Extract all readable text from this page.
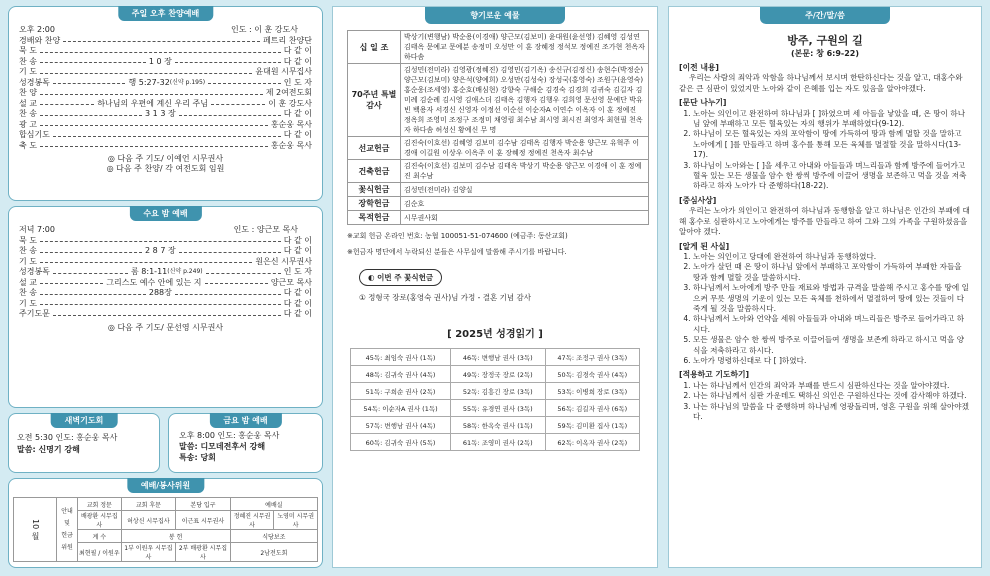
주일 오후 찬양예배
오후 2:00	인도 : 이 훈 강도사
경배와 찬양	페트리 찬양단
묵 도	다 같 이
찬 송	1 0 장	다 같 이
기 도	윤대원 시무집사
성경봉독	행 5:27-32 (신약 p.195)	인 도 자
찬 양	제 2여전도회
설 교	하나님의 우편에 계신 우리 주님	이 훈 강도사
찬 송	3 1 3 장	다 같 이
광 고	홍순웅 목사
합심기도	다 같 이
축 도	홍순웅 목사
◎ 다음 주 기도/ 이예언 시무권사
◎ 다음 주 찬양/ 각 여전도회 임원
수요 밤 예배
저녁 7:00	인도 : 양근모 목사
묵 도	다 같 이
찬 송	2 8 7 장	다 같 이
기 도	원은신 시무권사
성경봉독	롬 8:1-11 (신약 p.249)	인 도 자
설 교	그리스도 예수 안에 있는 지	양근모 목사
찬 송	288장	다 같 이
기 도	다 같 이
주기도문	다 같 이
◎ 다음 주 기도/ 문선영 시무권사
새벽기도회
오전 5:30 인도: 홍순웅 목사
말씀: 신명기 강해
금요 밤 예배
오후 8:00 인도: 홍순웅 목사
말씀: 디모데전후서 강해
특송: 당회
예배/봉사위원
10 월	안내
및
헌금
위원	교회 정문	교회 후문	본당 입구	예배실	
		배광환 시무집사	허상신 시무집사	이근표 시무권사	정혜진 시무권사	노영미 시무권사
		계 수	봉 헌		식당보조	
		최현필 / 이원우	1부 이원우 시무집사	2부 배광환 시무집사	2남전도회	
향기로운 예물
십 일 조	박상기(변행남) 박순용(이경애) 양근모(김보미) 윤대원(윤선영) 김혜영 김성연 김태옥 문예교 문예분 송정미 오성만 이 훈 장혜정 정석모 정예진 조가현 천옥자 하다솜
70주년 특별감사	김성민(전미라) 김영광(정혜진) 김영민(김기옥) 송신규(김정신) 송현수(박정순) 양근모(김보미) 양은석(양예희) 오성만(김성숙) 장성국(홍영숙) 조원구(윤영숙) 홍순웅(조세영) 홍순호(배심현) 강향숙 구해순 김경숙 김경희 김귀숙 김길자 김미례 김순례 김시영 김애스더 김태옥 김행자 김행우 김희영 문선영 문예단 박유빈 백용자 서경신 신영자 이정선 이순선 이순자A 이연수 이옥자 이 훈 정예진 정옥희 조영미 조정구 조정미 채영림 최수남 최시영 최시진 최영자 최현필 천옥자 하다솜 허성신 황예신 무 명
선교헌금	김진숙(이호선) 김혜영 김보미 김수남 김태옥 김행자 박순용 양근모 유혁주 이경애 이길원 이상우 이옥주 이 훈 장혜정 정예진 천옥자 최수남
건축헌금	김진숙(이호선) 김보미 김수남 김태옥 박상기 박순용 양근모 이경애 이 훈 정예진 최수남
꽃식헌금	김성민(전미라) 김양실
장학헌금	김순호
목적헌금	시무권사회
※교회 헌금 온라인 번호: 농협 100051-51-074600 (예금주: 동산교회)
※헌금자 명단에서 누락되신 분들은 사무실에 말씀해 주시기를 바랍니다.
◐ 이번 주 꽃식헌금
① 정형국 장로(홍영숙 권사)님 가정 - 결혼 기념 감사
[ 2025년 성경읽기 ]
45독: 최임숙 권사 (1독)	46독: 변행남 권사 (3독)	47독: 조정구 권사 (3독)
48독: 김귀숙 권사 (4독)	49독: 장정국 장로 (2독)	50독: 김경숙 권사 (4독)
51독: 구희순 권사 (2독)	52독: 김흥긴 장로 (3독)	53독: 이병희 장로 (3독)
54독: 이순자A 권사 (1독)	55독: 유경연 권사 (3독)	56독: 김길자 권사 (6독)
57독: 변행남 권사 (4독)	58독: 한옥숙 권사 (1독)	59독: 김미환 집사 (1독)
60독: 김귀숙 권사 (5독)	61독: 조영미 권사 (2독)	62독: 이옥자 권사 (2독)
주/간/말/씀
방주, 구원의 길
(본문: 창 6:9-22)

[이전 내용]

우리는 사람의 죄악과 악함을 하나님께서 보시며 한탄하신다는 것을 알고, 대홍수와 같은 큰 심판이 있었지만 노아와 같이 은혜를 입는 자도 있음을 알아야겠다.

[문단 나누기]

1. 노아는 의인이고 완전하여 하나님과 [ ]하였으며 세 아들을 낳았을 때, 온 땅이 하나님 앞에 부패하고 모든 혈육있는 자의 행위가 부패하였다(9-12).
2. 하나님이 모든 혈육있는 자의 포악함이 땅에 가득하여 땅과 함께 멸할 것을 말하고 노아에게 [ ]를 만들라고 하며 홍수를 통해 모든 육체를 멸절할 것을 말하시다(13-17).
3. 하나님이 노아와는 [ ]을 세우고 아내와 아들들과 며느리들과 함께 방주에 들어가고 혈육 있는 모든 생물을 암수 한 쌍씩 방주에 이끌어 생명을 보존하고 먹을 것을 저축하라고 하자 노아가 다 준행하다(18-22).

[중심사상]

우리는 노아가 의인이고 완전하여 하나님과 동행함을 알고 하나님은 인간의 부패에 대해 홍수로 심판하시고 노아에게는 방주를 만들라고 하여 그와 그의 가족을 구원하셨음을 알아야 겠다.

[알게 된 사실]

1. 노아는 의인이고 당대에 완전하여 하나님과 동행하였다.
2. 노아가 살던 때 온 땅이 하나님 앞에서 부패하고 포악함이 가득하여 부패한 자들을 땅과 함께 멸할 것을 말씀하시다.
3. 하나님께서 노아에게 방주 만들 재료와 방법과 규격을 말씀해 주시고 홍수를 땅에 일으켜 무릇 생명의 기운이 있는 모든 육체를 천하에서 멸절하여 땅에 있는 것들이 다 죽게 될 것을 말씀하시다.
4. 하나님께서 노아와 언약을 세워 아들들과 아내와 며느리들은 방주로 들어가라고 하시다.
5. 모든 생물은 암수 한 쌍씩 방주로 이끌어들여 생명을 보존케 하라고 하시고 먹을 양식을 저축하라고 하시다.
6. 노아가 명령하신대로 다 [ ]하였다.

[적용하고 기도하기]

1. 나는 하나님께서 인간의 죄악과 부패를 반드시 심판하신다는 것을 알아야겠다.
2. 나는 하나님께서 심판 가운데도 택하신 의인은 구원하신다는 것에 감사해야 하겠다.
3. 나는 하나님의 말씀을 다 준행하며 하나님께 영광돌리며, 영혼 구원을 위해 살아야겠다.
